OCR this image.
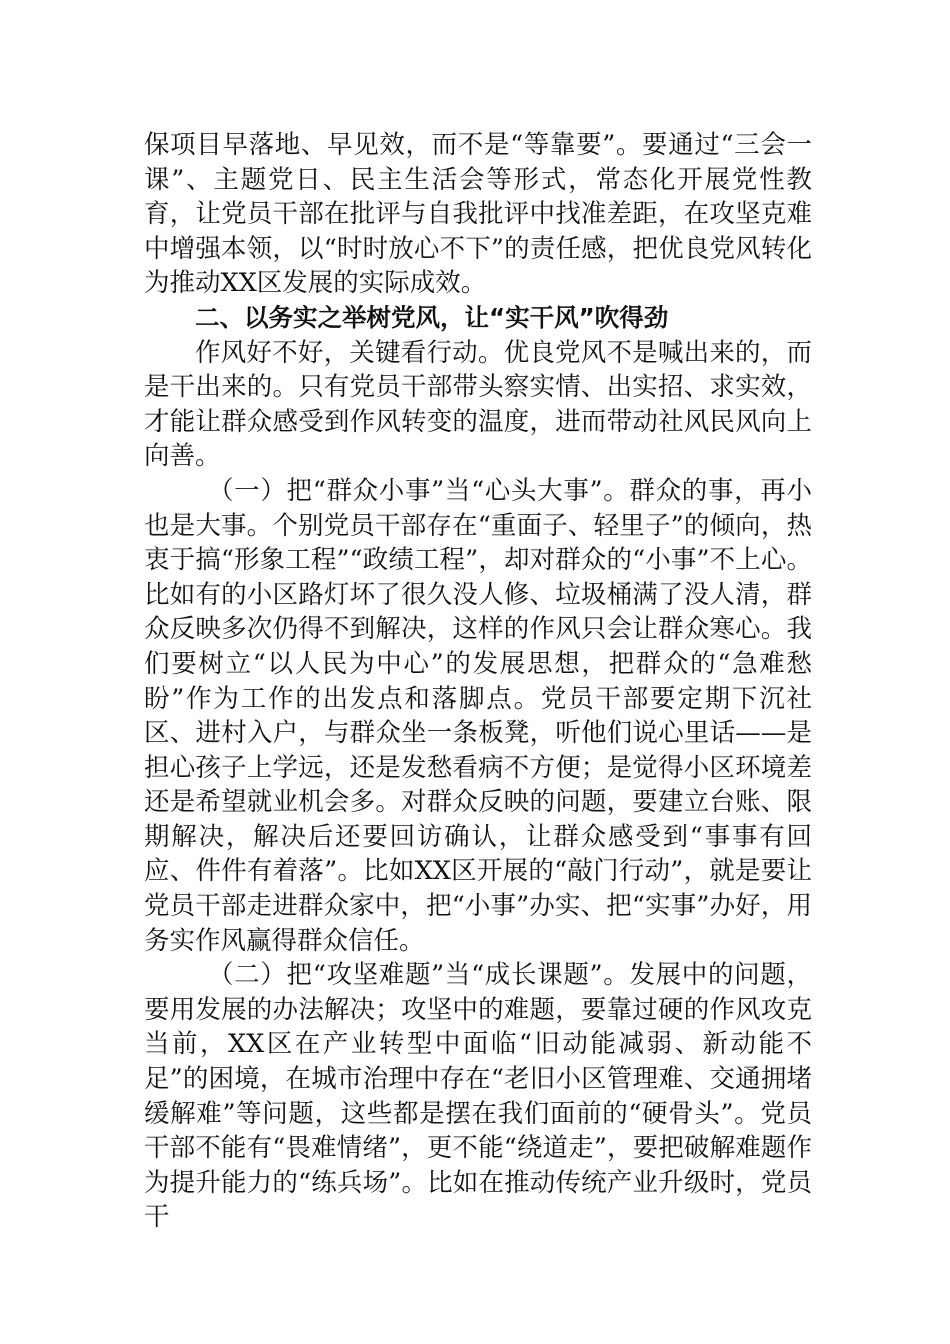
保项目早落地、早见效，而不是“等靠要”。要通过“三会一课”、主题党日、民主生活会等形式，常态化开展党性教育，让党员干部在批评与自我批评中找准差距，在攻坚克难中增强本领，以“时时放心不下”的责任感，把优良党风转化为推动XX区发展的实际成效。

二、以务实之举树党风，让“实干风”吹得劲

作风好不好，关键看行动。优良党风不是喊出来的，而是干出来的。只有党员干部带头察实情、出实招、求实效，才能让群众感受到作风转变的温度，进而带动社风民风向上向善。

（一）把“群众小事”当“心头大事”。群众的事，再小也是大事。个别党员干部存在“重面子、轻里子”的倾向，热衷于搞“形象工程”“政绩工程”，却对群众的“小事”不上心。比如有的小区路灯坏了很久没人修、垃圾桶满了没人清，群众反映多次仍得不到解决，这样的作风只会让群众寒心。我们要树立“以人民为中心”的发展思想，把群众的“急难愁盼”作为工作的出发点和落脚点。党员干部要定期下沉社区、进村入户，与群众坐一条板凳，听他们说心里话——是担心孩子上学远，还是发愁看病不方便；是觉得小区环境差还是希望就业机会多。对群众反映的问题，要建立台账、限期解决，解决后还要回访确认，让群众感受到“事事有回应、件件有着落”。比如XX区开展的“敲门行动”，就是要让党员干部走进群众家中，把“小事”办实、把“实事”办好，用务实作风赢得群众信任。

（二）把“攻坚难题”当“成长课题”。发展中的问题，要用发展的办法解决；攻坚中的难题，要靠过硬的作风攻克当前，XX区在产业转型中面临“旧动能减弱、新动能不足”的困境，在城市治理中存在“老旧小区管理难、交通拥堵缓解难”等问题，这些都是摆在我们面前的“硬骨头”。党员干部不能有“畏难情绪”，更不能“绕道走”，要把破解难题作为提升能力的“练兵场”。比如在推动传统产业升级时，党员干
